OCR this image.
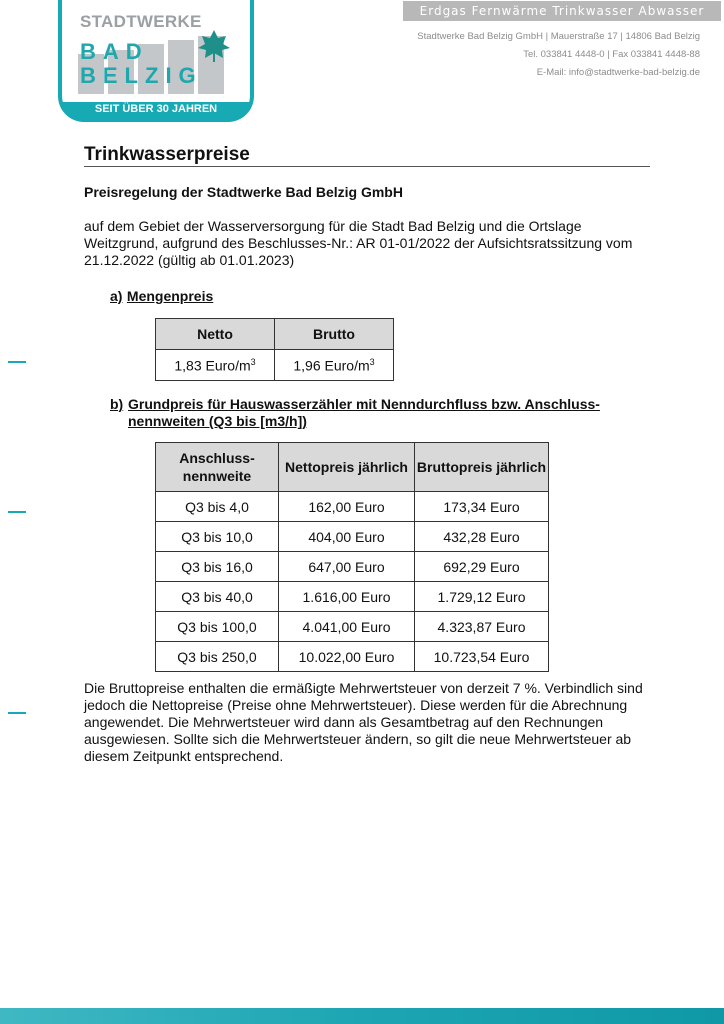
Erdgas Fernwärme Trinkwasser Abwasser
Stadtwerke Bad Belzig GmbH | Mauerstraße 17 | 14806 Bad Belzig
Tel. 033841 4448-0 | Fax 033841 4448-88
E-Mail: info@stadtwerke-bad-belzig.de
STADTWERKE
BAD
BELZIG
SEIT ÜBER 30 JAHREN
Trinkwasserpreise
Preisregelung der Stadtwerke Bad Belzig GmbH
auf dem Gebiet der Wasserversorgung für die Stadt Bad Belzig und die Ortslage Weitzgrund, aufgrund des Beschlusses-Nr.: AR 01-01/2022 der Aufsichtsratssitzung vom 21.12.2022 (gültig ab 01.01.2023)
a) Mengenpreis
Netto	Brutto
1,83 Euro/$m^3$	1,96 Euro/$m^3$
b) Grundpreis für Hauswasserzähler mit Nenndurchfluss bzw. Anschluss-nennweiten (Q3 bis [m3/h])
Anschluss-nennweite	Nettopreis jährlich	Bruttopreis jährlich
Q3 bis 4,0	162,00 Euro	173,34 Euro
Q3 bis 10,0	404,00 Euro	432,28 Euro
Q3 bis 16,0	647,00 Euro	692,29 Euro
Q3 bis 40,0	1.616,00 Euro	1.729,12 Euro
Q3 bis 100,0	4.041,00 Euro	4.323,87 Euro
Q3 bis 250,0	10.022,00 Euro	10.723,54 Euro
Die Bruttopreise enthalten die ermäßigte Mehrwertsteuer von derzeit 7 %. Verbindlich sind jedoch die Nettopreise (Preise ohne Mehrwertsteuer). Diese werden für die Abrechnung angewendet. Die Mehrwertsteuer wird dann als Gesamtbetrag auf den Rechnungen ausgewiesen. Sollte sich die Mehrwertsteuer ändern, so gilt die neue Mehrwertsteuer ab diesem Zeitpunkt entsprechend.
